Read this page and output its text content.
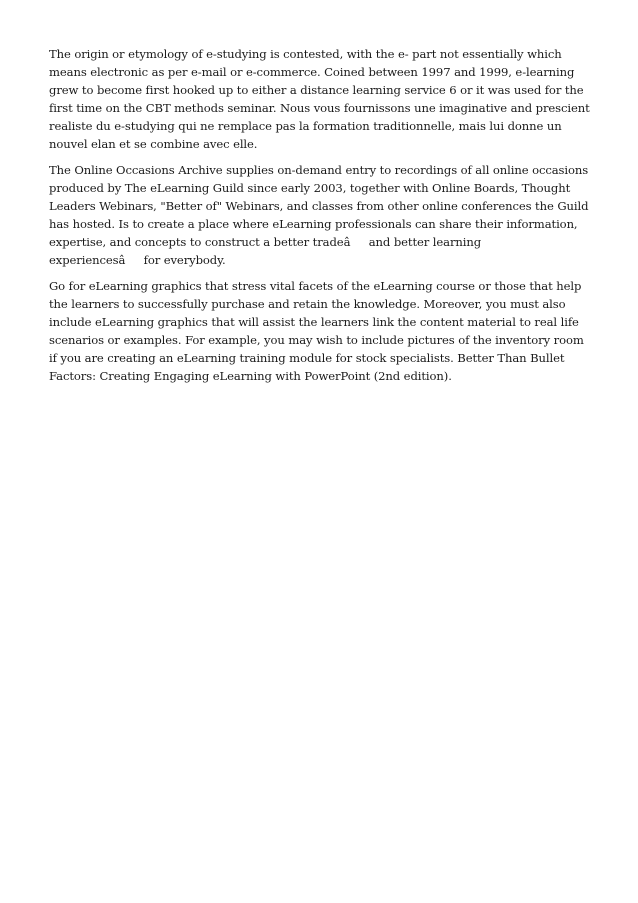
The origin or etymology of e-studying is contested, with the e- part not essentially which means electronic as per e-mail or e-commerce. Coined between 1997 and 1999, e-learning grew to become first hooked up to either a distance learning service 6 or it was used for the first time on the CBT methods seminar. Nous vous fournissons une imaginative and prescient realiste du e-studying qui ne remplace pas la formation traditionnelle, mais lui donne un nouvel elan et se combine avec elle.

The Online Occasions Archive supplies on-demand entry to recordings of all online occasions produced by The eLearning Guild since early 2003, together with Online Boards, Thought Leaders Webinars, "Better of" Webinars, and classes from other online conferences the Guild has hosted. Is to create a place where eLearning professionals can share their information, expertise, and concepts to construct a better tradeâand better learning experiencesâfor everybody.

Go for eLearning graphics that stress vital facets of the eLearning course or those that help the learners to successfully purchase and retain the knowledge. Moreover, you must also include eLearning graphics that will assist the learners link the content material to real life scenarios or examples. For example, you may wish to include pictures of the inventory room if you are creating an eLearning training module for stock specialists. Better Than Bullet Factors: Creating Engaging eLearning with PowerPoint (2nd edition).
